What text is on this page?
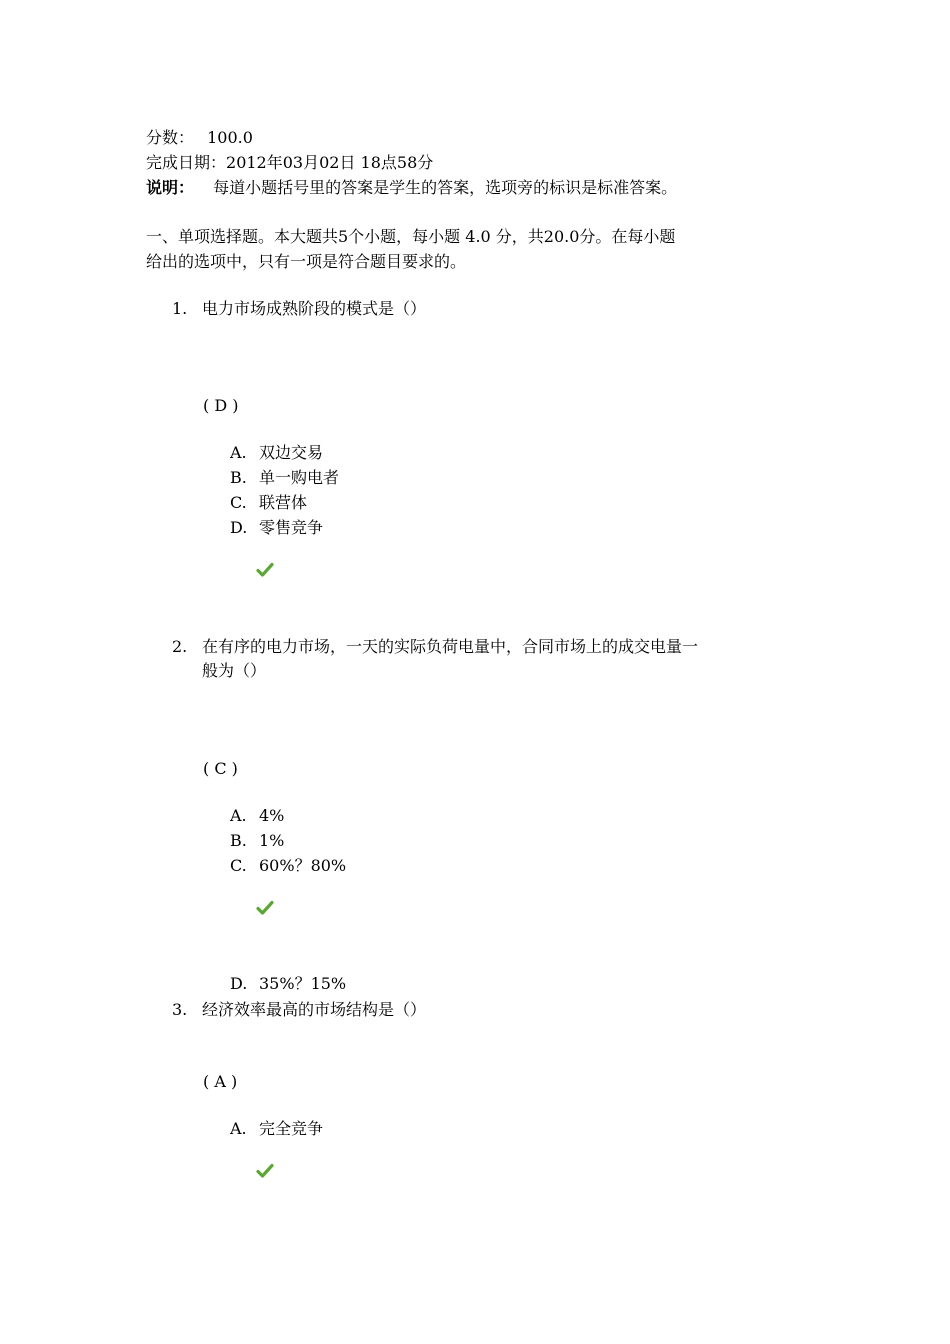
分数： 100.0
完成日期：2012年03月02日 18点58分
说明： 每道小题括号里的答案是学生的答案，选项旁的标识是标准答案。
一、单项选择题。本大题共5个小题，每小题 4.0 分，共20.0分。在每小题
给出的选项中，只有一项是符合题目要求的。
1. 电力市场成熟阶段的模式是（）
( D )
A. 双边交易
B. 单一购电者
C. 联营体
D. 零售竞争
2. 在有序的电力市场，一天的实际负荷电量中，合同市场上的成交电量一
般为（）
( C )
A. 4%
B. 1%
C. 60%？80%
D. 35%？15%
3. 经济效率最高的市场结构是（）
( A )
A. 完全竞争
